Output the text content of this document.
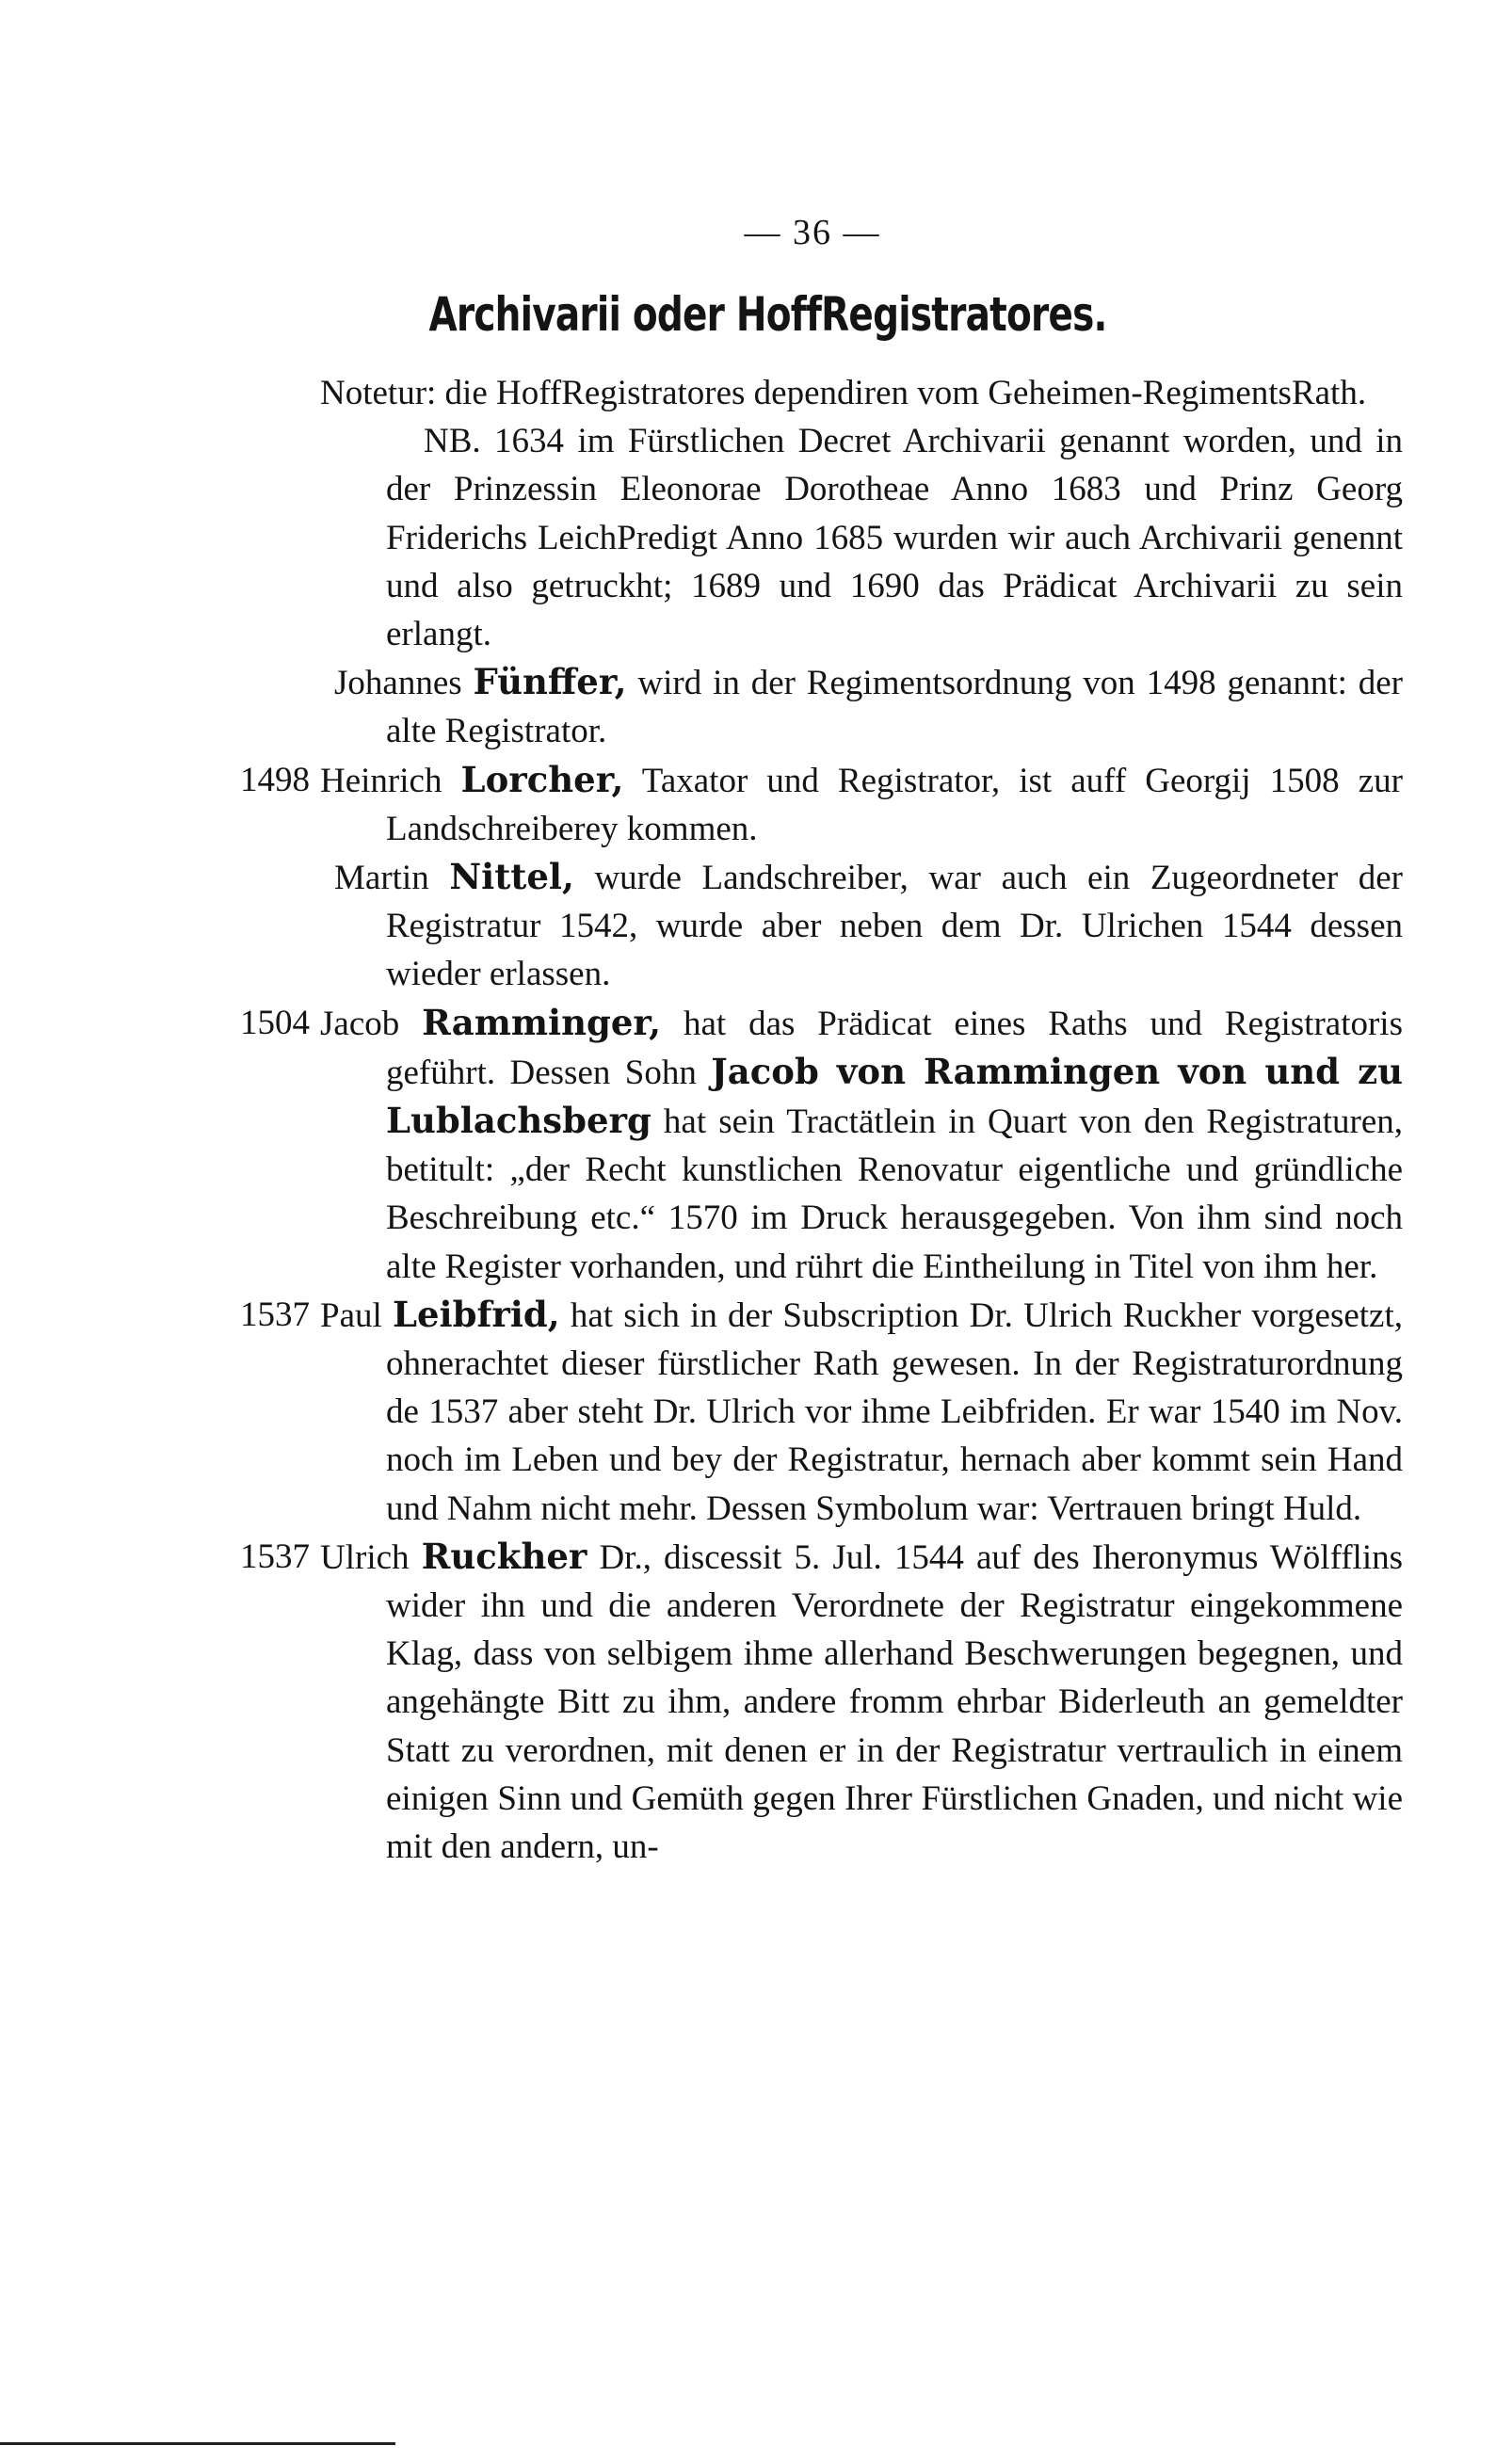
— 36 —
Archivarii oder HoffRegistratores.

Notetur: die HoffRegistratores dependiren vom Geheimen-RegimentsRath.

NB. 1634 im Fürstlichen Decret Archivarii genannt worden, und in der Prinzessin Eleonorae Dorotheae Anno 1683 und Prinz Georg Friderichs LeichPredigt Anno 1685 wurden wir auch Archivarii genennt und also getruckht; 1689 und 1690 das Prädicat Archivarii zu sein erlangt.

Johannes Fünffer, wird in der Regimentsordnung von 1498 genannt: der alte Registrator.

1498 Heinrich Lorcher, Taxator und Registrator, ist auff Georgij 1508 zur Landschreiberey kommen.

Martin Nittel, wurde Landschreiber, war auch ein Zugeordneter der Registratur 1542, wurde aber neben dem Dr. Ulrichen 1544 dessen wieder erlassen.

1504 Jacob Ramminger, hat das Prädicat eines Raths und Registratoris geführt. Dessen Sohn Jacob von Rammingen von und zu Lublachsberg hat sein Tractätlein in Quart von den Registraturen, betitult: „der Recht kunstlichen Renovatur eigentliche und gründliche Beschreibung etc.“ 1570 im Druck herausgegeben. Von ihm sind noch alte Register vorhanden, und rührt die Eintheilung in Titel von ihm her.

1537 Paul Leibfrid, hat sich in der Subscription Dr. Ulrich Ruckher vorgesetzt, ohnerachtet dieser fürstlicher Rath gewesen. In der Registraturordnung de 1537 aber steht Dr. Ulrich vor ihme Leibfriden. Er war 1540 im Nov. noch im Leben und bey der Registratur, hernach aber kommt sein Hand und Nahm nicht mehr. Dessen Symbolum war: Vertrauen bringt Huld.

1537 Ulrich Ruckher Dr., discessit 5. Jul. 1544 auf des Iheronymus Wölfflins wider ihn und die anderen Verordnete der Registratur eingekommene Klag, dass von selbigem ihme allerhand Beschwerungen begegnen, und angehängte Bitt zu ihm, andere fromm ehrbar Biderleuth an gemeldter Statt zu verordnen, mit denen er in der Registratur vertraulich in einem einigen Sinn und Gemüth gegen Ihrer Fürstlichen Gnaden, und nicht wie mit den andern, un-
